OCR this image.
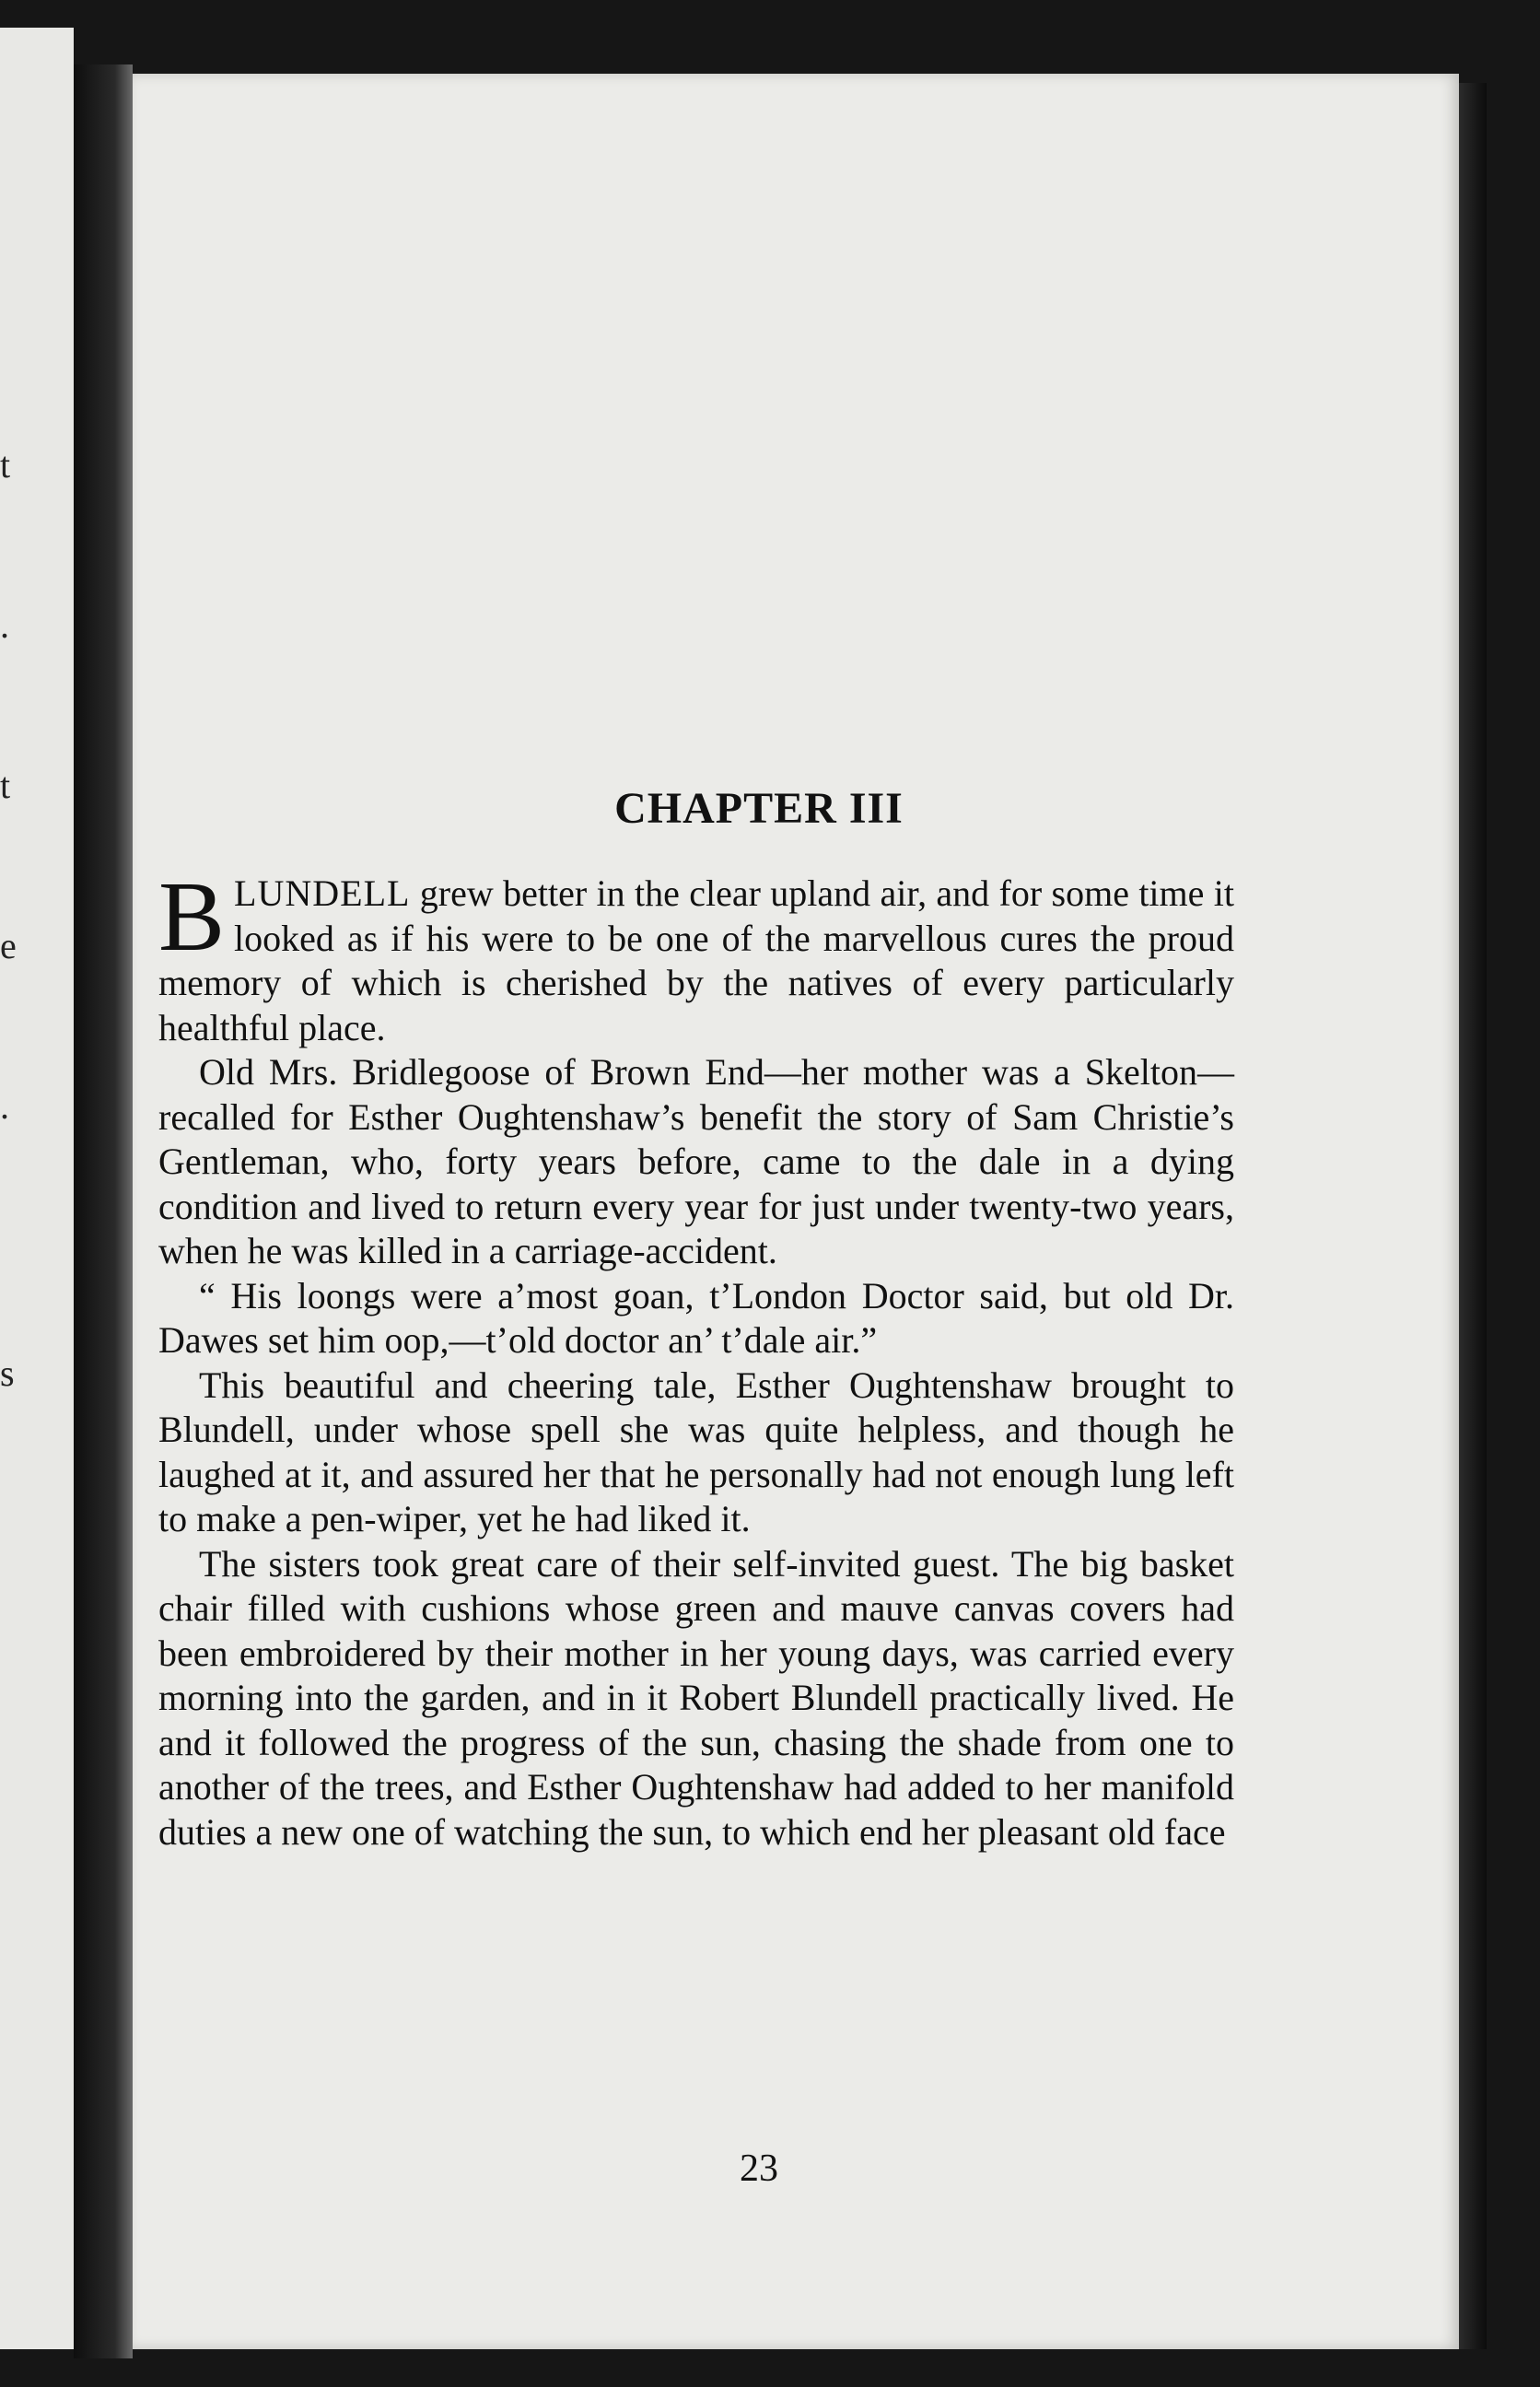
t

.

t

e

.

s

CHAPTER III

BLUNDELL grew better in the clear upland air, and for some time it looked as if his were to be one of the marvellous cures the proud memory of which is cherished by the natives of every particularly healthful place.

Old Mrs. Bridlegoose of Brown End—her mother was a Skelton—recalled for Esther Oughtenshaw’s benefit the story of Sam Christie’s Gentleman, who, forty years before, came to the dale in a dying condition and lived to return every year for just under twenty-two years, when he was killed in a carriage-accident.

“ His loongs were a’most goan, t’London Doctor said, but old Dr. Dawes set him oop,—t’old doctor an’ t’dale air.”

This beautiful and cheering tale, Esther Oughtenshaw brought to Blundell, under whose spell she was quite helpless, and though he laughed at it, and assured her that he personally had not enough lung left to make a pen-wiper, yet he had liked it.

The sisters took great care of their self-invited guest. The big basket chair filled with cushions whose green and mauve canvas covers had been embroidered by their mother in her young days, was carried every morning into the garden, and in it Robert Blundell practically lived. He and it followed the progress of the sun, chasing the shade from one to another of the trees, and Esther Oughtenshaw had added to her manifold duties a new one of watching the sun, to which end her pleasant old face

23
